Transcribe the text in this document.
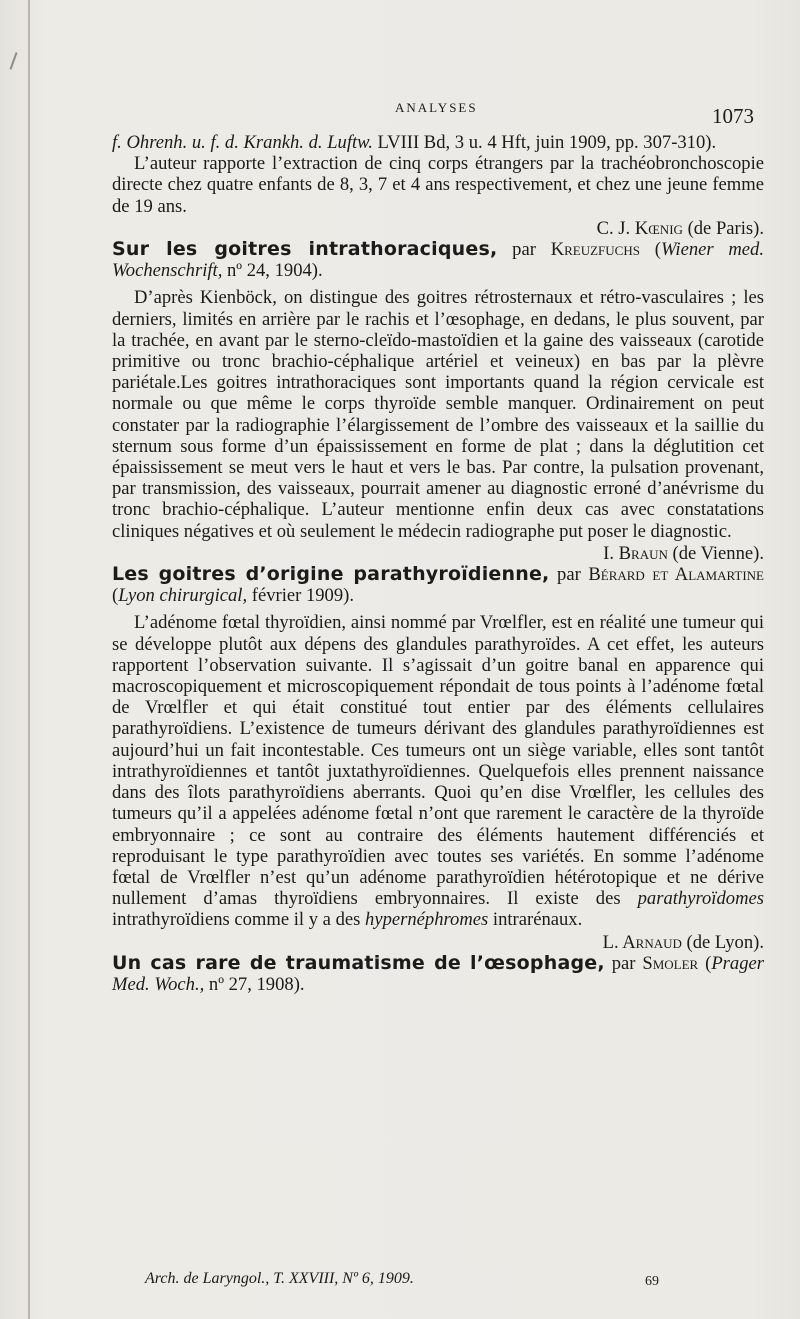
ANALYSES	1073

f. Ohrenh. u. f. d. Krankh. d. Luftw. LVIII Bd, 3 u. 4 Hft, juin 1909, pp. 307-310).

L’auteur rapporte l’extraction de cinq corps étrangers par la trachéobronchoscopie directe chez quatre enfants de 8, 3, 7 et 4 ans respectivement, et chez une jeune femme de 19 ans.

C. J. Kœnig (de Paris).

Sur les goitres intrathoraciques, par Kreuzfuchs (Wiener med. Wochenschrift, nº 24, 1904).

D’après Kienböck, on distingue des goitres rétrosternaux et rétro-vasculaires ; les derniers, limités en arrière par le rachis et l’œsophage, en dedans, le plus souvent, par la trachée, en avant par le sterno-cleïdo-mastoïdien et la gaine des vaisseaux (carotide primitive ou tronc brachio-céphalique artériel et veineux) en bas par la plèvre pariétale.Les goitres intrathoraciques sont importants quand la région cervicale est normale ou que même le corps thyroïde semble manquer. Ordinairement on peut constater par la radiographie l’élargissement de l’ombre des vaisseaux et la saillie du sternum sous forme d’un épaississement en forme de plat ; dans la déglutition cet épaississement se meut vers le haut et vers le bas. Par contre, la pulsation provenant, par transmission, des vaisseaux, pourrait amener au diagnostic erroné d’anévrisme du tronc brachio-céphalique. L’auteur mentionne enfin deux cas avec constatations cliniques négatives et où seulement le médecin radiographe put poser le diagnostic.

I. Braun (de Vienne).

Les goitres d’origine parathyroïdienne, par Bérard et Alamartine (Lyon chirurgical, février 1909).

L’adénome fœtal thyroïdien, ainsi nommé par Vrœlfler, est en réalité une tumeur qui se développe plutôt aux dépens des glandules parathyroïdes. A cet effet, les auteurs rapportent l’observation suivante. Il s’agissait d’un goitre banal en apparence qui macroscopiquement et microscopiquement répondait de tous points à l’adénome fœtal de Vrœlfler et qui était constitué tout entier par des éléments cellulaires parathyroïdiens. L’existence de tumeurs dérivant des glandules parathyroïdiennes est aujourd’hui un fait incontestable. Ces tumeurs ont un siège variable, elles sont tantôt intrathyroïdiennes et tantôt juxtathyroïdiennes. Quelquefois elles prennent naissance dans des îlots parathyroïdiens aberrants. Quoi qu’en dise Vrœlfler, les cellules des tumeurs qu’il a appelées adénome fœtal n’ont que rarement le caractère de la thyroïde embryonnaire ; ce sont au contraire des éléments hautement différenciés et reproduisant le type parathyroïdien avec toutes ses variétés. En somme l’adénome fœtal de Vrœlfler n’est qu’un adénome parathyroïdien hétérotopique et ne dérive nullement d’amas thyroïdiens embryonnaires. Il existe des parathyroïdomes intrathyroïdiens comme il y a des hypernéphromes intrarénaux.

L. Arnaud (de Lyon).

Un cas rare de traumatisme de l’œsophage, par Smoler (Prager Med. Woch., nº 27, 1908).

Arch. de Laryngol., T. XXVIII, Nº 6, 1909.	69
